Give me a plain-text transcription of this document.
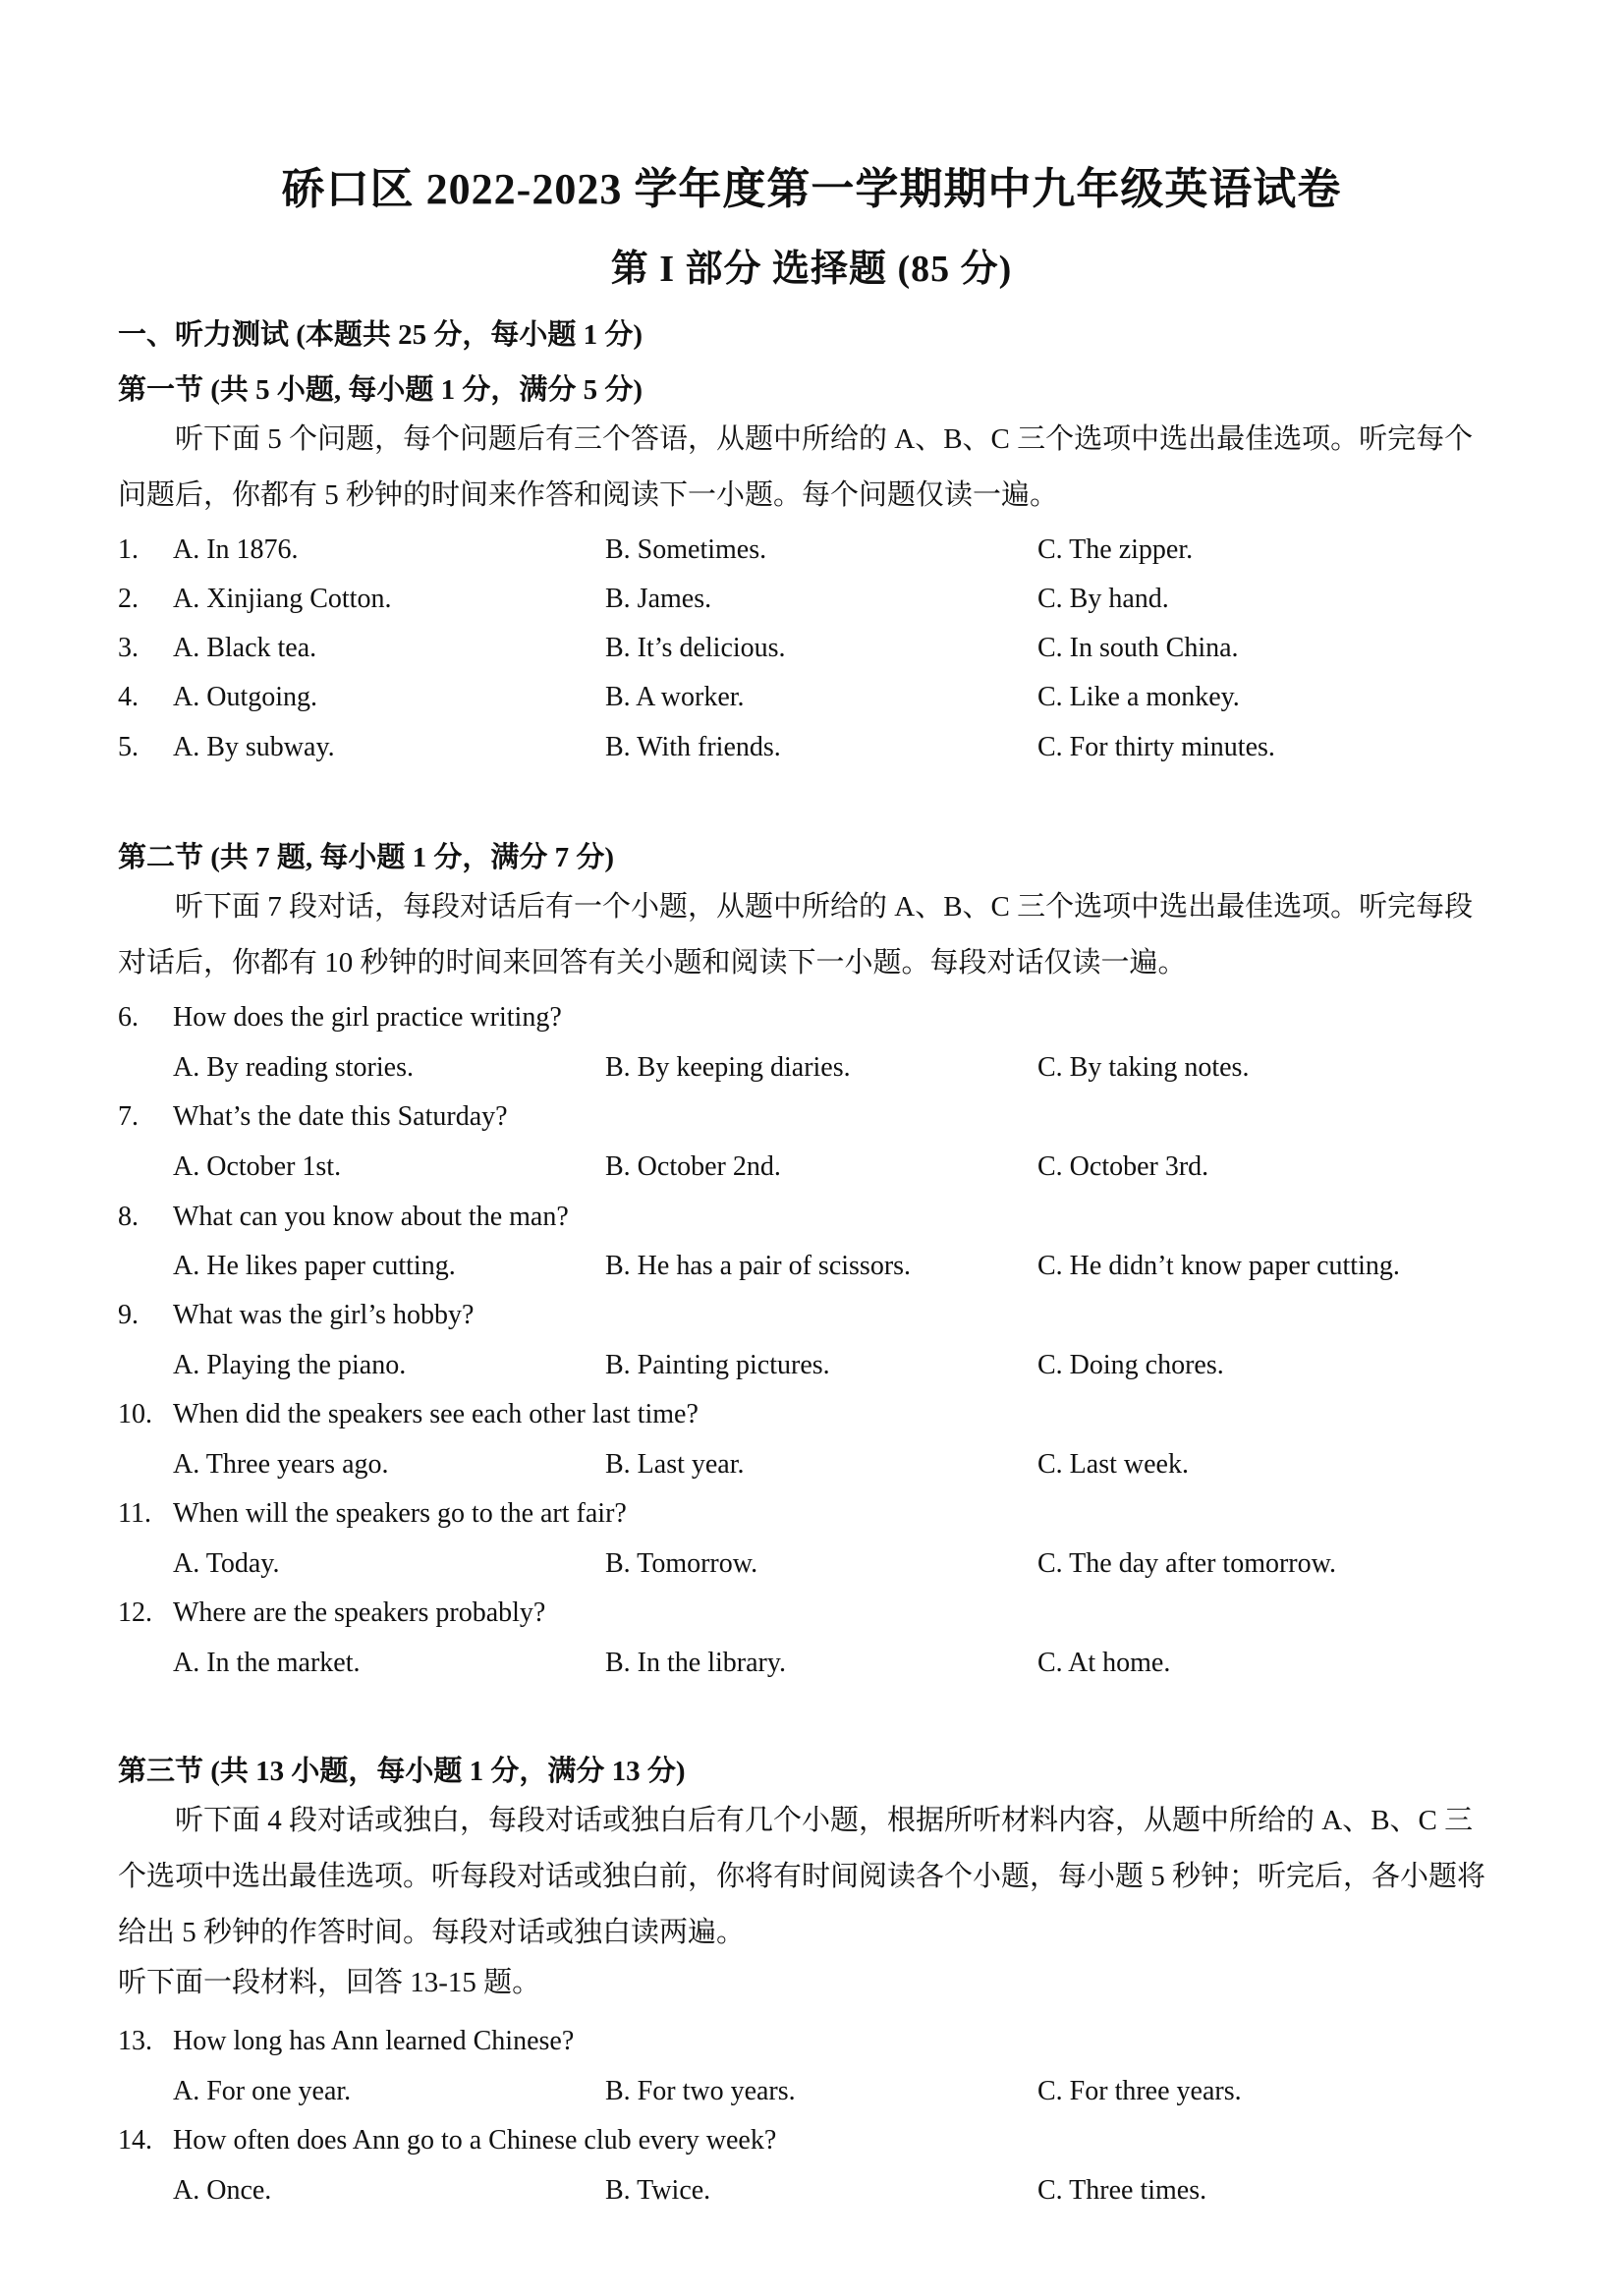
硚口区 2022-2023 学年度第一学期期中九年级英语试卷
第 I 部分 选择题 (85 分)
一、听力测试 (本题共 25 分，每小题 1 分)
第一节 (共 5 小题, 每小题 1 分，满分 5 分)
听下面 5 个问题，每个问题后有三个答语，从题中所给的 A、B、C 三个选项中选出最佳选项。听完每个
问题后，你都有 5 秒钟的时间来作答和阅读下一小题。每个问题仅读一遍。
1. A. In 1876.	B. Sometimes.	C. The zipper.
2. A. Xinjiang Cotton.	B. James.	C. By hand.
3. A. Black tea.	B. It’s delicious.	C. In south China.
4. A. Outgoing.	B. A worker.	C. Like a monkey.
5. A. By subway.	B. With friends.	C. For thirty minutes.
第二节 (共 7 题, 每小题 1 分，满分 7 分)
听下面 7 段对话，每段对话后有一个小题，从题中所给的 A、B、C 三个选项中选出最佳选项。听完每段
对话后，你都有 10 秒钟的时间来回答有关小题和阅读下一小题。每段对话仅读一遍。
6. How does the girl practice writing?
A. By reading stories.	B. By keeping diaries.	C. By taking notes.
7. What’s the date this Saturday?
A. October 1st.	B. October 2nd.	C. October 3rd.
8. What can you know about the man?
A. He likes paper cutting.	B. He has a pair of scissors.	C. He didn’t know paper cutting.
9. What was the girl’s hobby?
A. Playing the piano.	B. Painting pictures.	C. Doing chores.
10. When did the speakers see each other last time?
A. Three years ago.	B. Last year.	C. Last week.
11. When will the speakers go to the art fair?
A. Today.	B. Tomorrow.	C. The day after tomorrow.
12. Where are the speakers probably?
A. In the market.	B. In the library.	C. At home.
第三节 (共 13 小题，每小题 1 分，满分 13 分)
听下面 4 段对话或独白，每段对话或独白后有几个小题，根据所听材料内容，从题中所给的 A、B、C 三
个选项中选出最佳选项。听每段对话或独白前，你将有时间阅读各个小题，每小题 5 秒钟；听完后，各小题将
给出 5 秒钟的作答时间。每段对话或独白读两遍。
听下面一段材料，回答 13-15 题。
13. How long has Ann learned Chinese?
A. For one year.	B. For two years.	C. For three years.
14. How often does Ann go to a Chinese club every week?
A. Once.	B. Twice.	C. Three times.
